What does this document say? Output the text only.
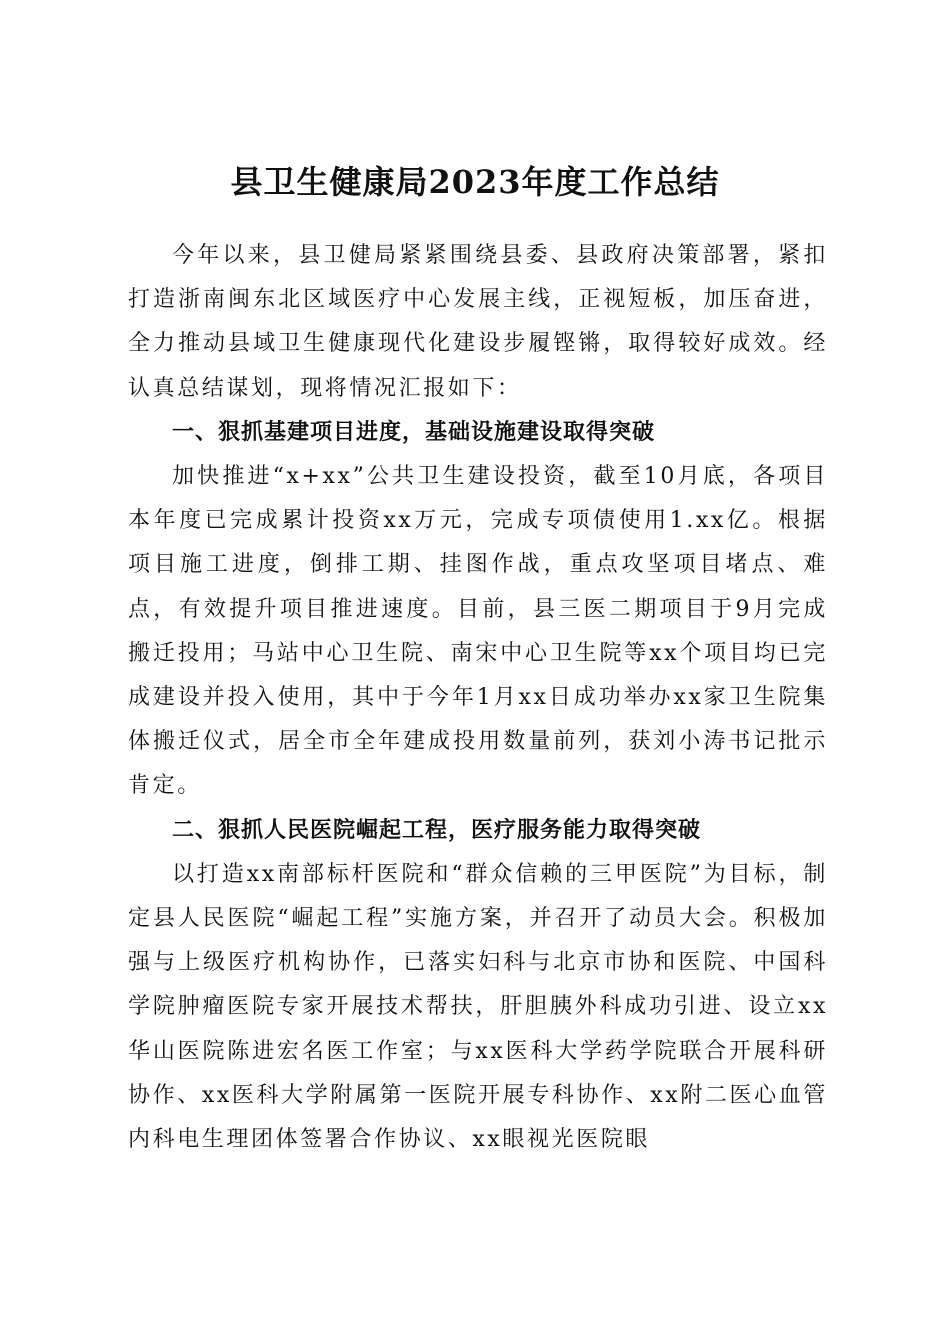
县卫生健康局2023年度工作总结

今年以来，县卫健局紧紧围绕县委、县政府决策部署，紧扣打造浙南闽东北区域医疗中心发展主线，正视短板，加压奋进，全力推动县域卫生健康现代化建设步履铿锵，取得较好成效。经认真总结谋划，现将情况汇报如下：

一、狠抓基建项目进度，基础设施建设取得突破

加快推进“x+xx”公共卫生建设投资，截至10月底，各项目本年度已完成累计投资xx万元，完成专项债使用1.xx亿。根据项目施工进度，倒排工期、挂图作战，重点攻坚项目堵点、难点，有效提升项目推进速度。目前，县三医二期项目于9月完成搬迁投用；马站中心卫生院、南宋中心卫生院等xx个项目均已完成建设并投入使用，其中于今年1月xx日成功举办xx家卫生院集体搬迁仪式，居全市全年建成投用数量前列，获刘小涛书记批示肯定。

二、狠抓人民医院崛起工程，医疗服务能力取得突破

以打造xx南部标杆医院和“群众信赖的三甲医院”为目标，制定县人民医院“崛起工程”实施方案，并召开了动员大会。积极加强与上级医疗机构协作，已落实妇科与北京市协和医院、中国科学院肿瘤医院专家开展技术帮扶，肝胆胰外科成功引进、设立xx华山医院陈进宏名医工作室；与xx医科大学药学院联合开展科研协作、xx医科大学附属第一医院开展专科协作、xx附二医心血管内科电生理团体签署合作协议、xx眼视光医院眼
